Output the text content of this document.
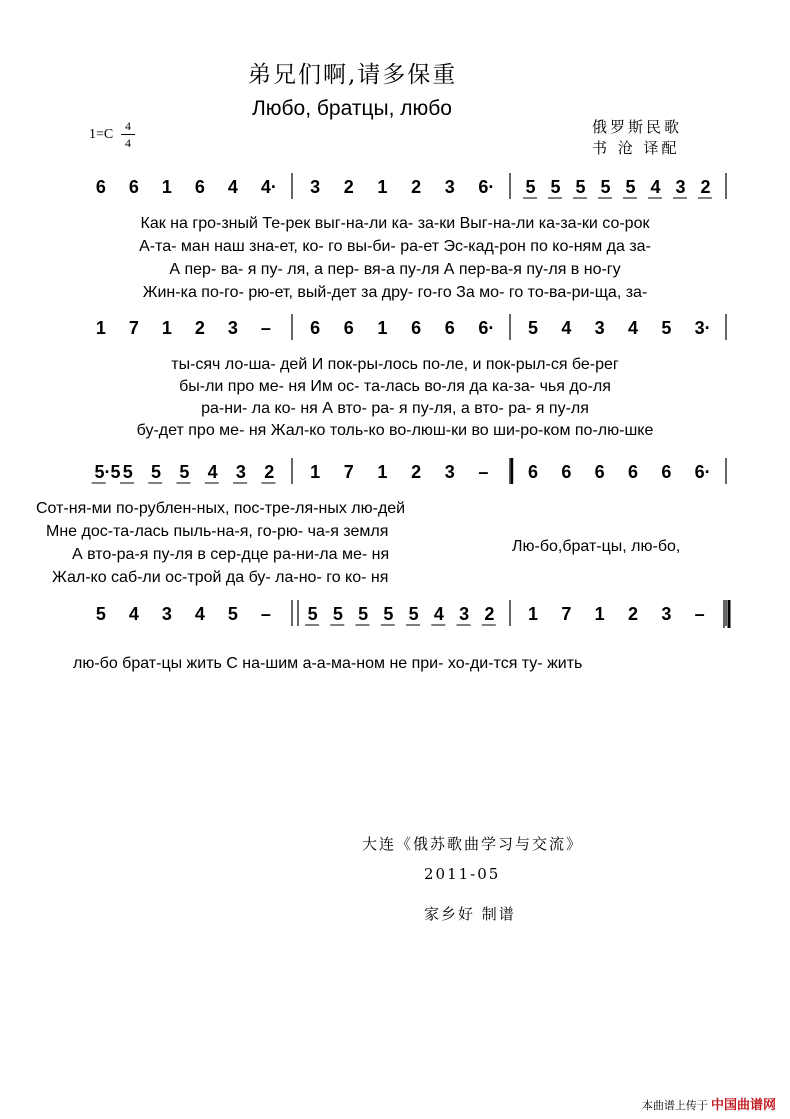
弟兄们啊,请多保重
Любо, братцы, любо
俄罗斯民歌
书 沧 译配
1=C
4
4
6 6 1 6 4 4· 3 2 1 2 3 6· 5 5 5 5 5 4 3 2
1 7 1 2 3 – 6 6 1 6 6 6· 5 4 3 4 5 3·
5·5 5 5 5 4 3 2 1 7 1 2 3 – 6 6 6 6 6 6·
5 4 3 4 5 – 5 5 5 5 5 4 3 2 1 7 1 2 3 –
Как на гро-зный Те-рек выг-на-ли ка- за-ки Выг-на-ли ка-за-ки со-рок
А-та- ман наш зна-ет, ко- го вы-би- ра-ет Эс-кад-рон по ко-ням да за-
А пер- ва- я пу- ля, а пер- вя-а пу-ля А пер-ва-я пу-ля в но-гу
Жин-ка по-го- рю-ет, вый-дет за дру- го-го За мо- го то-ва-ри-ща, за-
ты-сяч ло-ша- дей И пок-ры-лось по-ле, и пок-рыл-ся бе-рег
бы-ли про ме- ня Им ос- та-лась во-ля да ка-за- чья до-ля
ра-ни- ла ко- ня А вто- ра- я пу-ля, а вто- ра- я пу-ля
бу-дет про ме- ня Жал-ко толь-ко во-люш-ки во ши-ро-ком по-лю-шке
Сот-ня-ми по-рублен-ных, пос-тре-ля-ных лю-дей
Мне дос-та-лась пыль-на-я, го-рю- ча-я земля
А вто-ра-я пу-ля в сер-дце ра-ни-ла ме- ня
Жал-ко саб-ли ос-трой да бу- ла-но- го ко- ня
Лю-бо,брат-цы, лю-бо,
лю-бо брат-цы жить С на-шим а-а-ма-ном не при- хо-ди-тся ту- жить
大连《俄苏歌曲学习与交流》
2011-05
家乡好 制谱
本曲谱上传于 中国曲谱网
